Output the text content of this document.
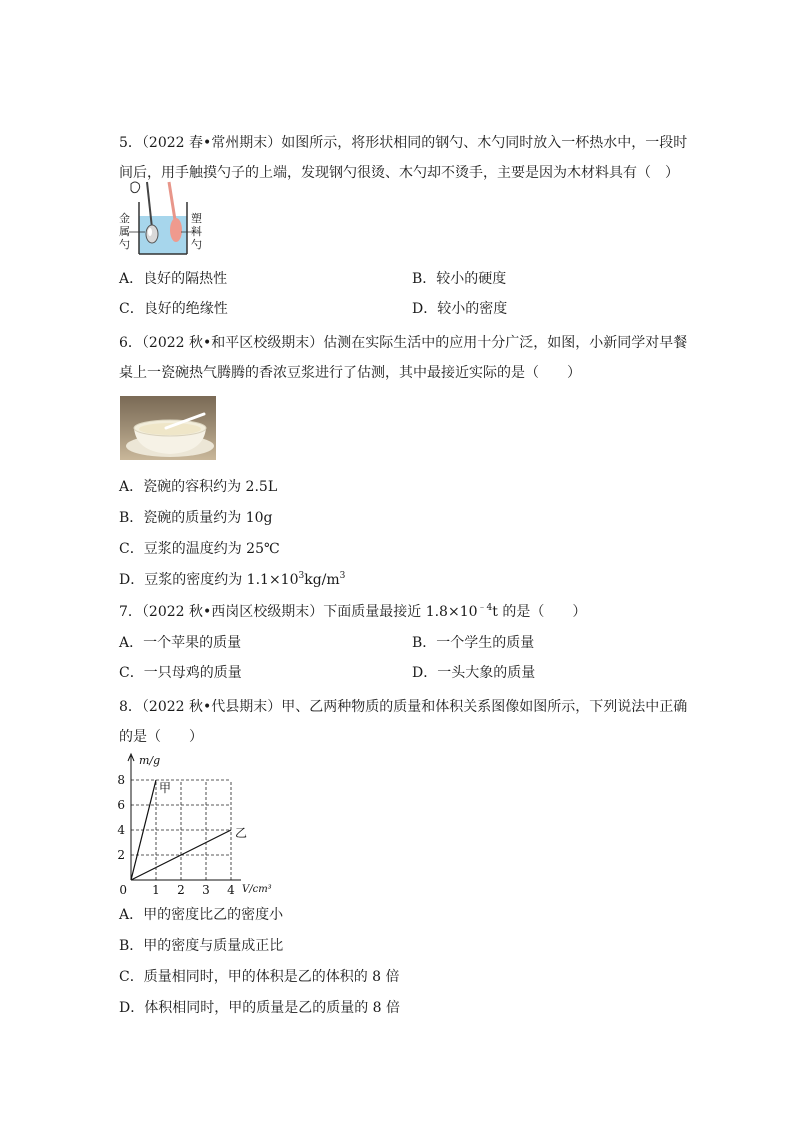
5．（2022 春•常州期末）如图所示，将形状相同的钢勺、木勺同时放入一杯热水中，一段时
间后，用手触摸勺子的上端，发现钢勺很烫、木勺却不烫手，主要是因为木材料具有（　）
金
属
勺
塑
料
勺
A．良好的隔热性	B．较小的硬度
C．良好的绝缘性	D．较小的密度
6．（2022 秋•和平区校级期末）估测在实际生活中的应用十分广泛，如图，小新同学对早餐
桌上一瓷碗热气腾腾的香浓豆浆进行了估测，其中最接近实际的是（　　）
A．瓷碗的容积约为 2.5L
B．瓷碗的质量约为 10g
C．豆浆的温度约为 25℃
D．豆浆的密度约为 $1.1\times 10^3kg/m^3$
7．（2022 秋•西岗区校级期末）下面质量最接近 $1.8\times 10^{﹣4}t$ 的是（　　）
A．一个苹果的质量	B．一个学生的质量
C．一只母鸡的质量	D．一头大象的质量
8．（2022 秋•代县期末）甲、乙两种物质的质量和体积关系图像如图所示，下列说法中正确
的是（　　）
1 2 3 4
2
4
6
8
0
m/g
V/cm³
甲
乙
A．甲的密度比乙的密度小
B．甲的密度与质量成正比
C．质量相同时，甲的体积是乙的体积的 8 倍
D．体积相同时，甲的质量是乙的质量的 8 倍
